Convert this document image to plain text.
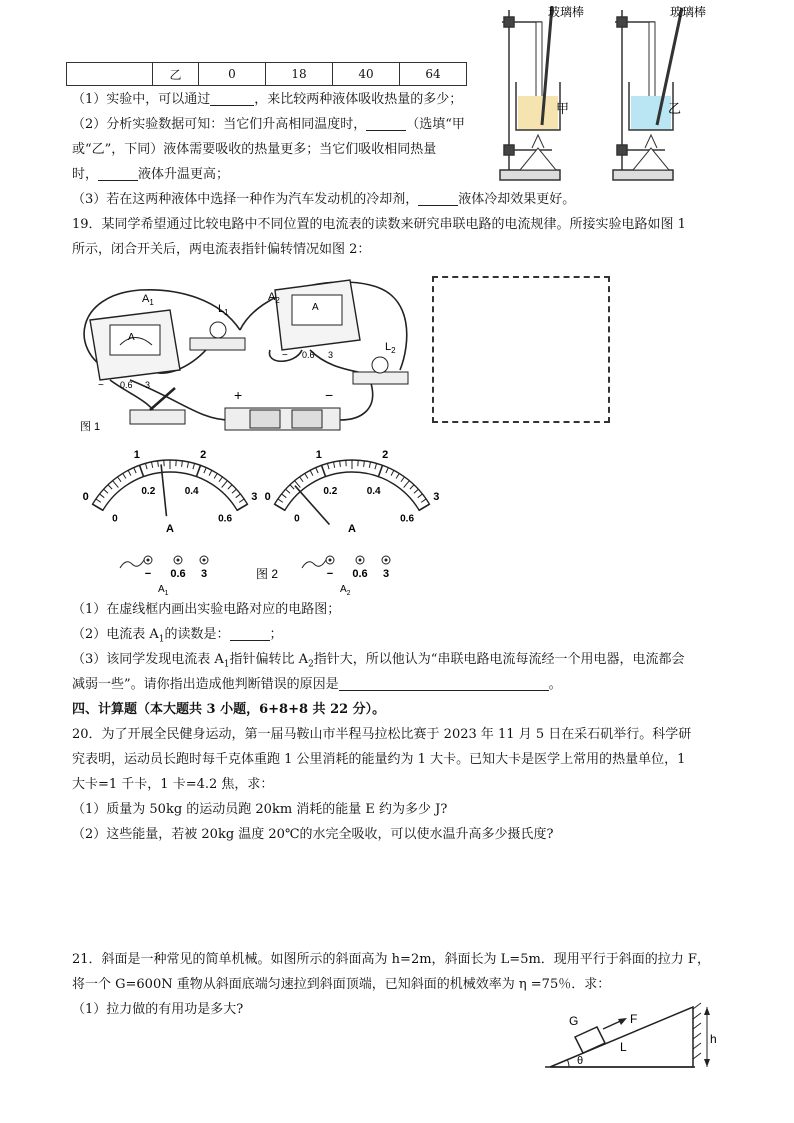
	乙	0	18	40	64
（1）实验中，可以通过	，来比较两种液体吸收热量的多少；
（2）分析实验数据可知：当它们升高相同温度时，	（选填“甲
或“乙”，下同）液体需要吸收的热量更多；当它们吸收相同热量
时，	液体升温更高；
（3）若在这两种液体中选择一种作为汽车发动机的冷却剂，	液体冷却效果更好。
玻璃棒
甲
玻璃棒
乙
19．某同学希望通过比较电路中不同位置的电流表的读数来研究串联电路的电流规律。所接实验电路如图 1
所示，闭合开关后，两电流表指针偏转情况如图 2：
A
− 0.6 3
$A_1$
$L_1$	A
− 0.6 3
$A_2$
$L_2$
+	−
图 1
0
1	2
3
0
0.2	0.4
0.6
A
− 0.6 3
$A_1$
0
1	2
3
0
0.2	0.4
0.6
A
− 0.6 3
$A_2$
图 2
（1）在虚线框内画出实验电路对应的电路图；
（2）电流表 $A_1$的读数是：	；
（3）该同学发现电流表 $A_1$指针偏转比 $A_2$指针大，所以他认为“串联电路电流每流经一个用电器，电流都会
减弱一些”。请你指出造成他判断错误的原因是	。
四、计算题（本大题共 3 小题，6+8+8 共 22 分）。
20．为了开展全民健身运动，第一届马鞍山市半程马拉松比赛于 2023 年 11 月 5 日在采石矶举行。科学研
究表明，运动员长跑时每千克体重跑 1 公里消耗的能量约为 1 大卡。已知大卡是医学上常用的热量单位，1
大卡=1 千卡，1 卡=4.2 焦，求：
（1）质量为 50kg 的运动员跑 20km 消耗的能量 E 约为多少 J?
（2）这些能量，若被 20kg 温度 20℃的水完全吸收，可以使水温升高多少摄氏度?
21．斜面是一种常见的简单机械。如图所示的斜面高为 h=2m，斜面长为 L=5m．现用平行于斜面的拉力 F，
将一个 G=600N 重物从斜面底端匀速拉到斜面顶端，已知斜面的机械效率为 η =75％．求：
（1）拉力做的有用功是多大?
h
F
G
L
θ
